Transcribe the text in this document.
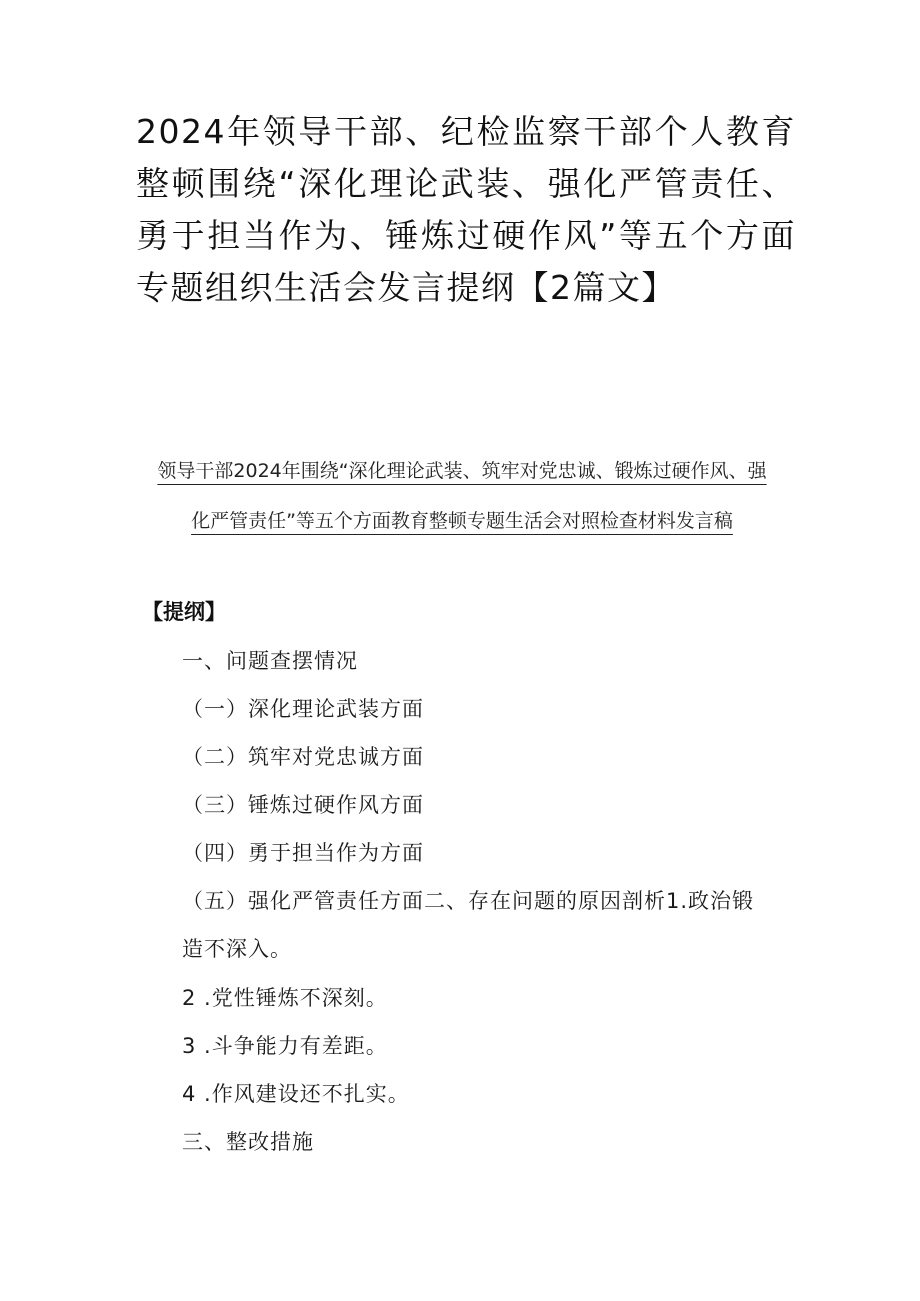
2024年领导干部、纪检监察干部个人教育整顿围绕“深化理论武装、强化严管责任、勇于担当作为、锤炼过硬作风”等五个方面专题组织生活会发言提纲【2篇文】

领导干部2024年围绕“深化理论武装、筑牢对党忠诚、锻炼过硬作风、强化严管责任”等五个方面教育整顿专题生活会对照检查材料发言稿

【提纲】

一、问题查摆情况
（一）深化理论武装方面
（二）筑牢对党忠诚方面
（三）锤炼过硬作风方面
（四）勇于担当作为方面
（五）强化严管责任方面二、存在问题的原因剖析1.政治锻造不深入。
2 .党性锤炼不深刻。
3 .斗争能力有差距。
4 .作风建设还不扎实。
三、整改措施
